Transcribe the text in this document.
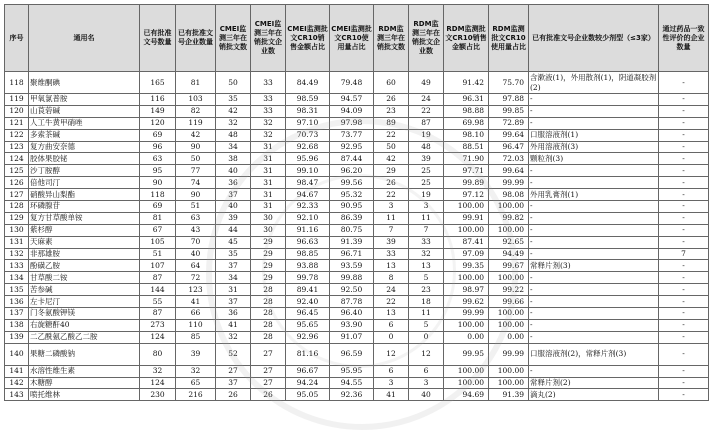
序号	通用名	已有批准文号数量	已有批准文号企业数量	CMEI监测三年在销批文数	CMEI监测三年在销批文企业数	CMEI监测批文CR10销售金额占比	CMEI监测批文CR10使用量占比	RDM监测三年在销批文数	RDM监测三年在销批文企业数	RDM监测批文CR10销售金额占比	RDM监测批文CR10使用量占比	已有批准文号企业数较少剂型（≤3家）	通过药品一致性评价的企业数量
118	聚维酮碘	165	81	50	33	84.49	79.48	60	49	91.42	75.70	含漱液(1)，外用散剂(1)，阴道凝胶剂(2)	-
119	甲氧氯普胺	116	103	35	33	98.59	94.57	26	24	96.31	97.88	-	-
120	山莨菪碱	149	82	42	33	98.31	94.09	23	22	98.88	99.85	-	-
121	人工牛黄甲硝唑	120	119	32	32	97.10	97.98	89	87	69.98	72.89	-	-
122	多索茶碱	69	42	48	32	70.73	73.77	22	19	98.10	99.64	口服溶液剂(1)	-
123	复方曲安奈德	96	90	34	31	92.68	92.95	50	48	88.51	96.47	外用溶液剂(3)	-
124	胶体果胶铋	63	50	38	31	95.96	87.44	42	39	71.90	72.03	颗粒剂(3)	-
125	沙丁胺醇	95	77	40	31	99.10	96.20	29	25	97.71	99.64	-	-
126	倍他司汀	90	74	36	31	98.47	99.56	26	25	99.89	99.99	-	-
127	硝酸异山梨酯	118	90	37	31	94.67	95.32	22	19	97.12	98.08	外用乳膏剂(1)	-
128	环磷腺苷	69	51	40	31	92.33	90.95	3	3	100.00	100.00	-	-
129	复方甘草酸单铵	81	63	39	30	92.10	86.39	11	11	99.91	99.82	-	-
130	紫杉醇	67	43	44	30	91.16	80.75	7	7	100.00	100.00	-	-
131	天麻素	105	70	45	29	96.63	91.39	39	33	87.41	92.65	-	-
132	非那雄胺	51	40	35	29	98.85	96.71	33	32	97.09	94.49	-	7
133	酚磺乙胺	107	64	37	29	93.88	93.59	13	13	99.35	99.67	常释片剂(3)	-
134	甘草酸二铵	87	72	34	29	99.78	99.88	8	5	100.00	100.00	-	-
135	苦参碱	144	123	31	28	89.41	92.50	24	23	98.97	99.22	-	-
136	左卡尼汀	55	41	37	28	92.40	87.78	22	18	99.62	99.66	-	-
137	门冬氨酸钾镁	87	66	36	28	96.45	96.40	13	11	99.99	100.00	-	-
138	右旋糖酐40	273	110	41	28	95.65	93.90	6	5	100.00	100.00	-	-
139	二乙酰氨乙酸乙二胺	124	85	32	28	92.96	91.07	0	0	0.00	0.00	-	-
140	果糖二磷酸钠	80	39	52	27	81.16	96.59	12	12	99.95	99.99	口服溶液剂(2)，常释片剂(3)	-
141	水溶性维生素	32	32	27	27	96.67	95.95	6	6	100.00	100.00	-	-
142	木糖醇	124	65	37	27	94.24	94.55	3	3	100.00	100.00	常释片剂(2)	-
143	喷托维林	230	216	26	26	95.05	92.36	41	40	94.69	91.39	滴丸(2)	-
